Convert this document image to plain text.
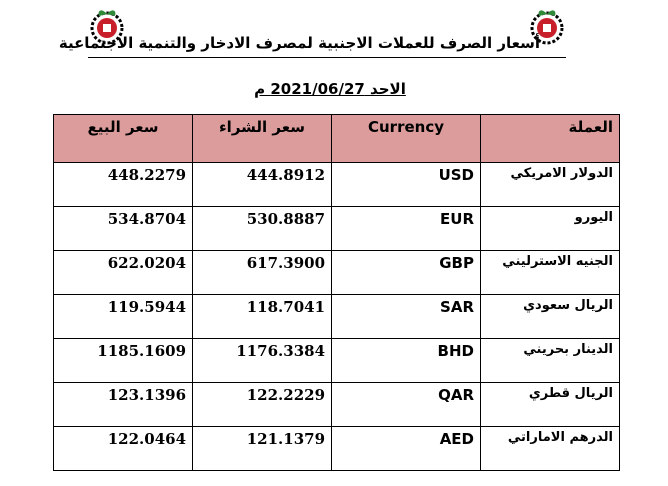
أسعار الصرف للعملات الاجنبية لمصرف الادخار والتنمية الاجتماعية
الاحد 2021/06/27 م
سعر البيع	سعر الشراء	Currency	العملة
448.2279	444.8912	USD	الدولار الامريكي
534.8704	530.8887	EUR	اليورو
622.0204	617.3900	GBP	الجنيه الاسترليني
119.5944	118.7041	SAR	الريال سعودي
1185.1609	1176.3384	BHD	الدينار بحريني
123.1396	122.2229	QAR	الريال قطري
122.0464	121.1379	AED	الدرهم الاماراتي
